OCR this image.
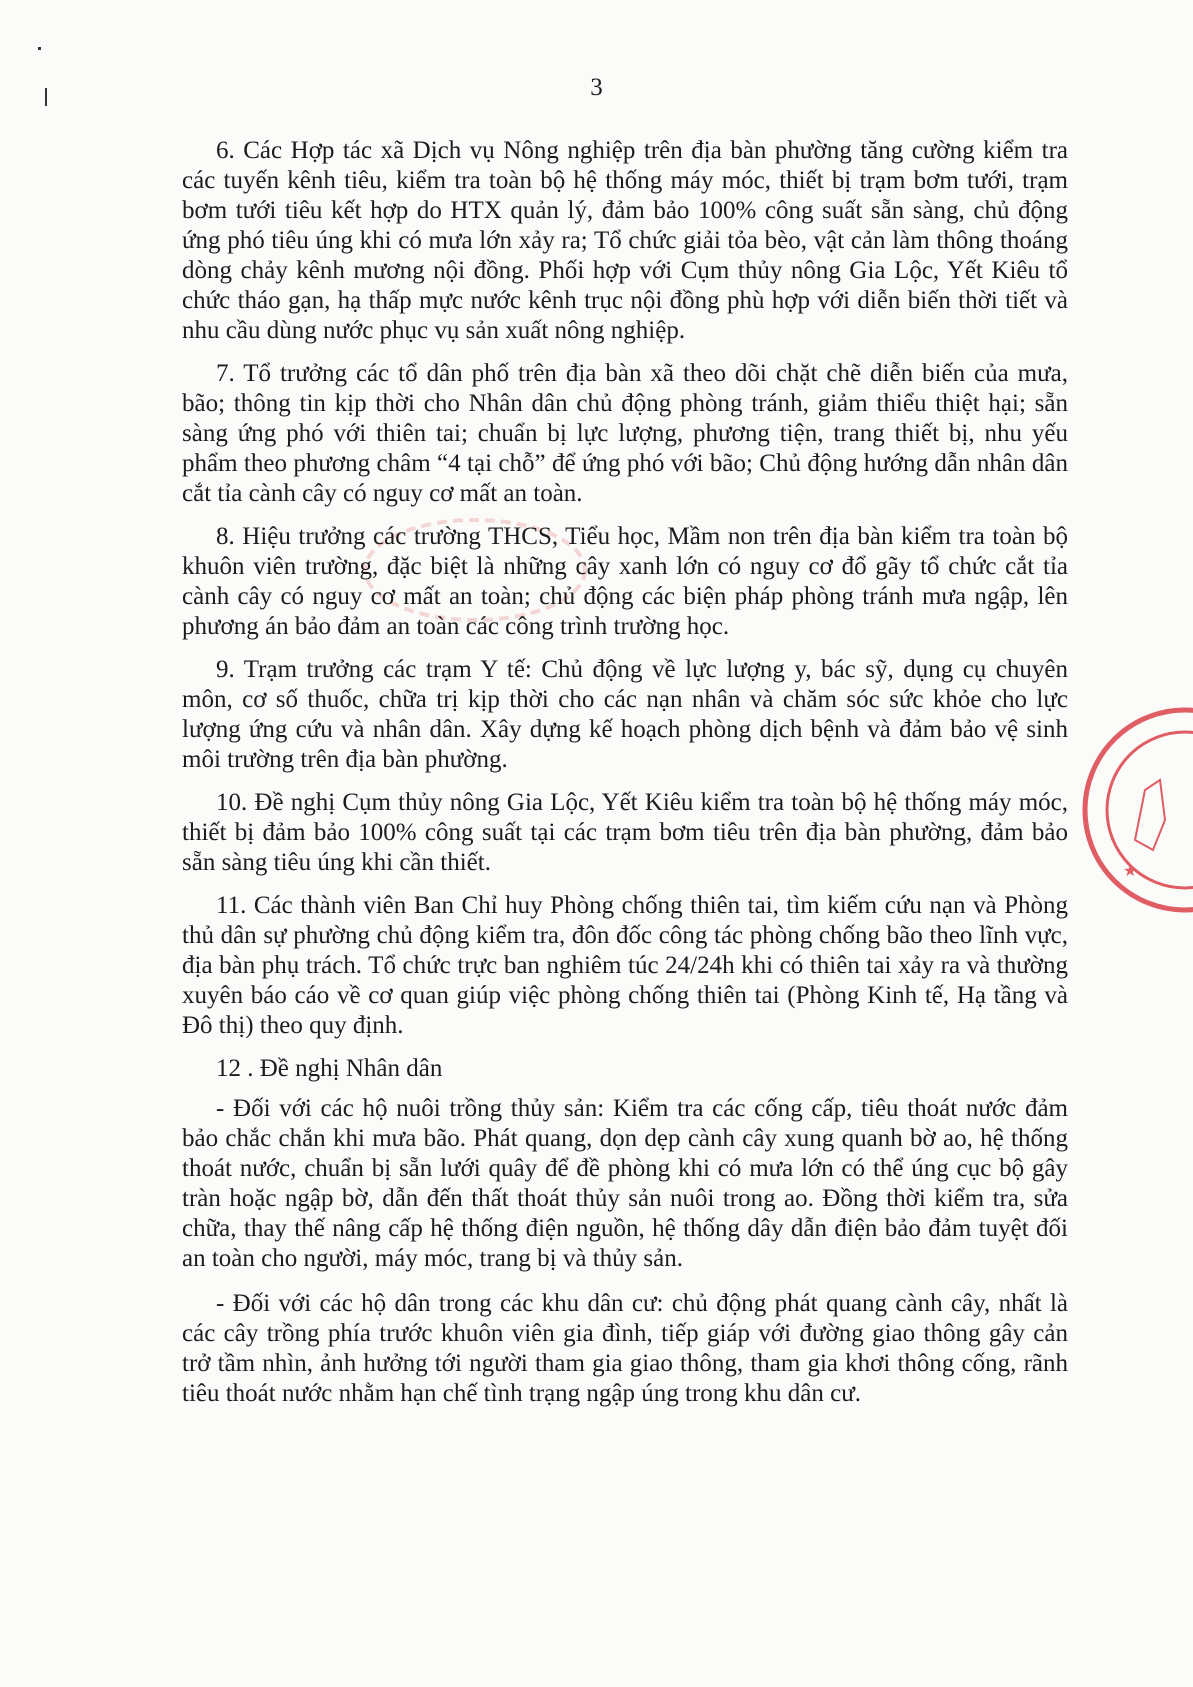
3
★

6. Các Hợp tác xã Dịch vụ Nông nghiệp trên địa bàn phường tăng cường kiểm tra các tuyến kênh tiêu, kiểm tra toàn bộ hệ thống máy móc, thiết bị trạm bơm tưới, trạm bơm tưới tiêu kết hợp do HTX quản lý, đảm bảo 100% công suất sẵn sàng, chủ động ứng phó tiêu úng khi có mưa lớn xảy ra; Tổ chức giải tỏa bèo, vật cản làm thông thoáng dòng chảy kênh mương nội đồng. Phối hợp với Cụm thủy nông Gia Lộc, Yết Kiêu tổ chức tháo gạn, hạ thấp mực nước kênh trục nội đồng phù hợp với diễn biến thời tiết và nhu cầu dùng nước phục vụ sản xuất nông nghiệp.

7. Tổ trưởng các tổ dân phố trên địa bàn xã theo dõi chặt chẽ diễn biến của mưa, bão; thông tin kịp thời cho Nhân dân chủ động phòng tránh, giảm thiểu thiệt hại; sẵn sàng ứng phó với thiên tai; chuẩn bị lực lượng, phương tiện, trang thiết bị, nhu yếu phẩm theo phương châm “4 tại chỗ” để ứng phó với bão; Chủ động hướng dẫn nhân dân cắt tỉa cành cây có nguy cơ mất an toàn.

8. Hiệu trưởng các trường THCS, Tiểu học, Mầm non trên địa bàn kiểm tra toàn bộ khuôn viên trường, đặc biệt là những cây xanh lớn có nguy cơ đổ gãy tổ chức cắt tỉa cành cây có nguy cơ mất an toàn; chủ động các biện pháp phòng tránh mưa ngập, lên phương án bảo đảm an toàn các công trình trường học.

9. Trạm trưởng các trạm Y tế: Chủ động về lực lượng y, bác sỹ, dụng cụ chuyên môn, cơ số thuốc, chữa trị kịp thời cho các nạn nhân và chăm sóc sức khỏe cho lực lượng ứng cứu và nhân dân. Xây dựng kế hoạch phòng dịch bệnh và đảm bảo vệ sinh môi trường trên địa bàn phường.

10. Đề nghị Cụm thủy nông Gia Lộc, Yết Kiêu kiểm tra toàn bộ hệ thống máy móc, thiết bị đảm bảo 100% công suất tại các trạm bơm tiêu trên địa bàn phường, đảm bảo sẵn sàng tiêu úng khi cần thiết.

11. Các thành viên Ban Chỉ huy Phòng chống thiên tai, tìm kiếm cứu nạn và Phòng thủ dân sự phường chủ động kiểm tra, đôn đốc công tác phòng chống bão theo lĩnh vực, địa bàn phụ trách. Tổ chức trực ban nghiêm túc 24/24h khi có thiên tai xảy ra và thường xuyên báo cáo về cơ quan giúp việc phòng chống thiên tai (Phòng Kinh tế, Hạ tầng và Đô thị) theo quy định.

12 . Đề nghị Nhân dân

- Đối với các hộ nuôi trồng thủy sản: Kiểm tra các cống cấp, tiêu thoát nước đảm bảo chắc chắn khi mưa bão. Phát quang, dọn dẹp cành cây xung quanh bờ ao, hệ thống thoát nước, chuẩn bị sẵn lưới quây để đề phòng khi có mưa lớn có thể úng cục bộ gây tràn hoặc ngập bờ, dẫn đến thất thoát thủy sản nuôi trong ao. Đồng thời kiểm tra, sửa chữa, thay thế nâng cấp hệ thống điện nguồn, hệ thống dây dẫn điện bảo đảm tuyệt đối an toàn cho người, máy móc, trang bị và thủy sản.

- Đối với các hộ dân trong các khu dân cư: chủ động phát quang cành cây, nhất là các cây trồng phía trước khuôn viên gia đình, tiếp giáp với đường giao thông gây cản trở tầm nhìn, ảnh hưởng tới người tham gia giao thông, tham gia khơi thông cống, rãnh tiêu thoát nước nhằm hạn chế tình trạng ngập úng trong khu dân cư.
